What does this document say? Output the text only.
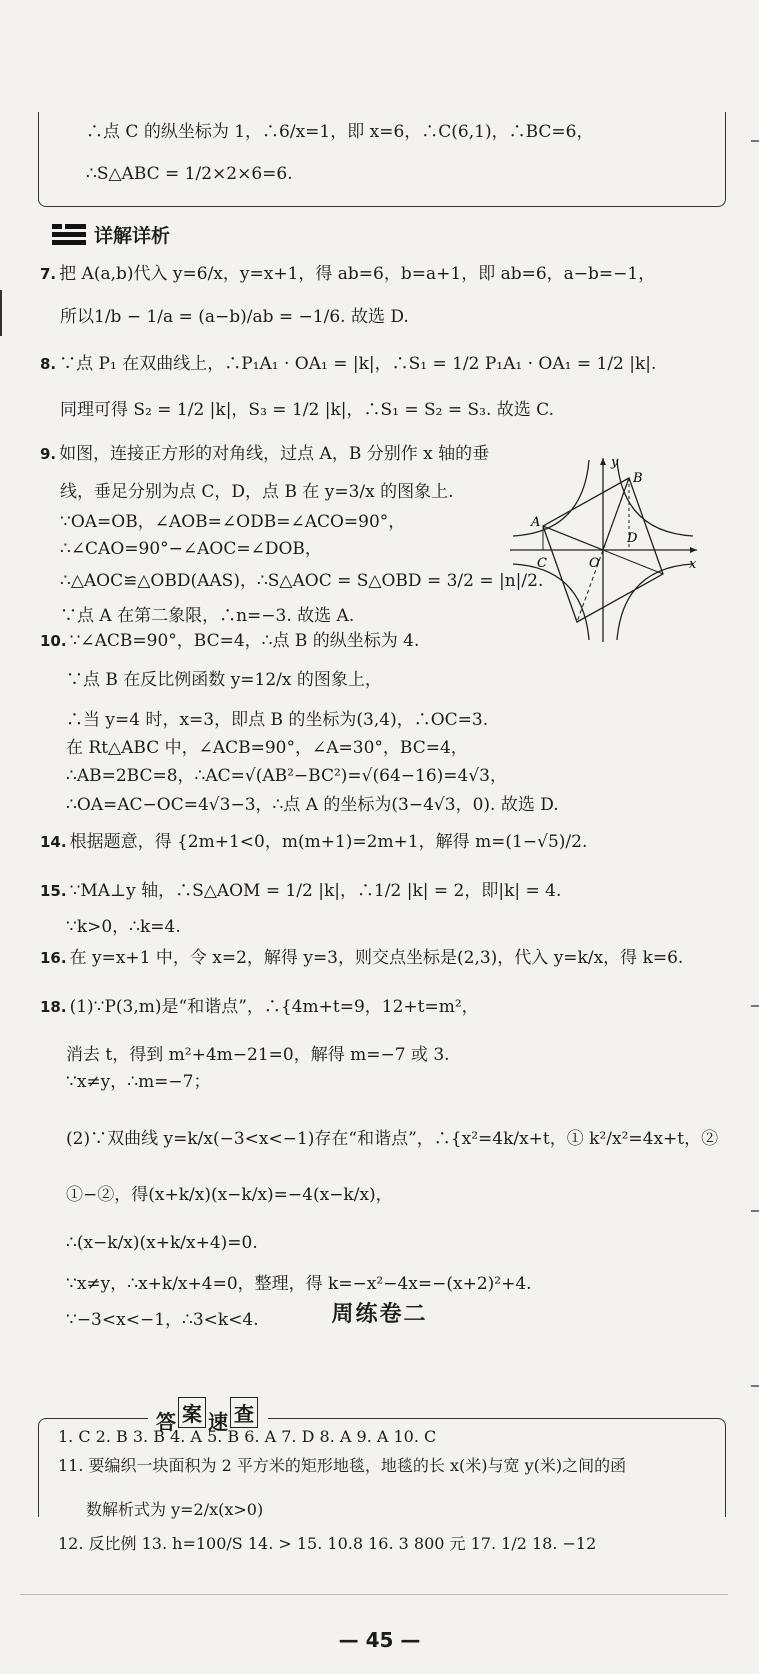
∴点 C 的纵坐标为 1，∴6/x=1，即 x=6，∴C(6,1)，∴BC=6，
∴S△ABC = 1/2×2×6=6.
详解详析
7. 把 A(a,b)代入 y=6/x，y=x+1，得 ab=6，b=a+1，即 ab=6，a−b=−1，
所以1/b − 1/a = (a−b)/ab = −1/6. 故选 D.
8. ∵点 P₁ 在双曲线上，∴P₁A₁ · OA₁ = |k|，∴S₁ = 1/2 P₁A₁ · OA₁ = 1/2 |k|.
同理可得 S₂ = 1/2 |k|，S₃ = 1/2 |k|，∴S₁ = S₂ = S₃. 故选 C.
9. 如图，连接正方形的对角线，过点 A，B 分别作 x 轴的垂
线，垂足分别为点 C，D，点 B 在 y=3/x 的图象上.
∵OA=OB，∠AOB=∠ODB=∠ACO=90°，
∴∠CAO=90°−∠AOC=∠DOB，
∴△AOC≌△OBD(AAS)，∴S△AOC = S△OBD = 3/2 = |n|/2.
∵点 A 在第二象限，∴n=−3. 故选 A.
10. ∵∠ACB=90°，BC=4，∴点 B 的纵坐标为 4.
∵点 B 在反比例函数 y=12/x 的图象上，
∴当 y=4 时，x=3，即点 B 的坐标为(3,4)，∴OC=3.
在 Rt△ABC 中，∠ACB=90°，∠A=30°，BC=4，
∴AB=2BC=8，∴AC=√(AB²−BC²)=√(64−16)=4√3，
∴OA=AC−OC=4√3−3，∴点 A 的坐标为(3−4√3，0). 故选 D.
14. 根据题意，得 {2m+1<0，m(m+1)=2m+1，解得 m=(1−√5)/2.
15. ∵MA⊥y 轴，∴S△AOM = 1/2 |k|，∴1/2 |k| = 2，即|k| = 4.
∵k>0，∴k=4.
16. 在 y=x+1 中，令 x=2，解得 y=3，则交点坐标是(2,3)，代入 y=k/x，得 k=6.
18. (1)∵P(3,m)是“和谐点”，∴{4m+t=9，12+t=m²，
消去 t，得到 m²+4m−21=0，解得 m=−7 或 3.
∵x≠y，∴m=−7；
(2)∵双曲线 y=k/x(−3<x<−1)存在“和谐点”，∴{x²=4k/x+t，① k²/x²=4x+t，②
①−②，得(x+k/x)(x−k/x)=−4(x−k/x)，
∴(x−k/x)(x+k/x+4)=0.
∵x≠y，∴x+k/x+4=0，整理，得 k=−x²−4x=−(x+2)²+4.
∵−3<x<−1，∴3<k<4.
y
x
B
A
C	O
D
周练卷二
答 案 速 查
1. C 2. B 3. B 4. A 5. B 6. A 7. D 8. A 9. A 10. C
11. 要编织一块面积为 2 平方米的矩形地毯，地毯的长 x(米)与宽 y(米)之间的函
数解析式为 y=2/x(x>0)
12. 反比例 13. h=100/S 14. > 15. 10.8 16. 3 800 元 17. 1/2 18. −12
— 45 —
